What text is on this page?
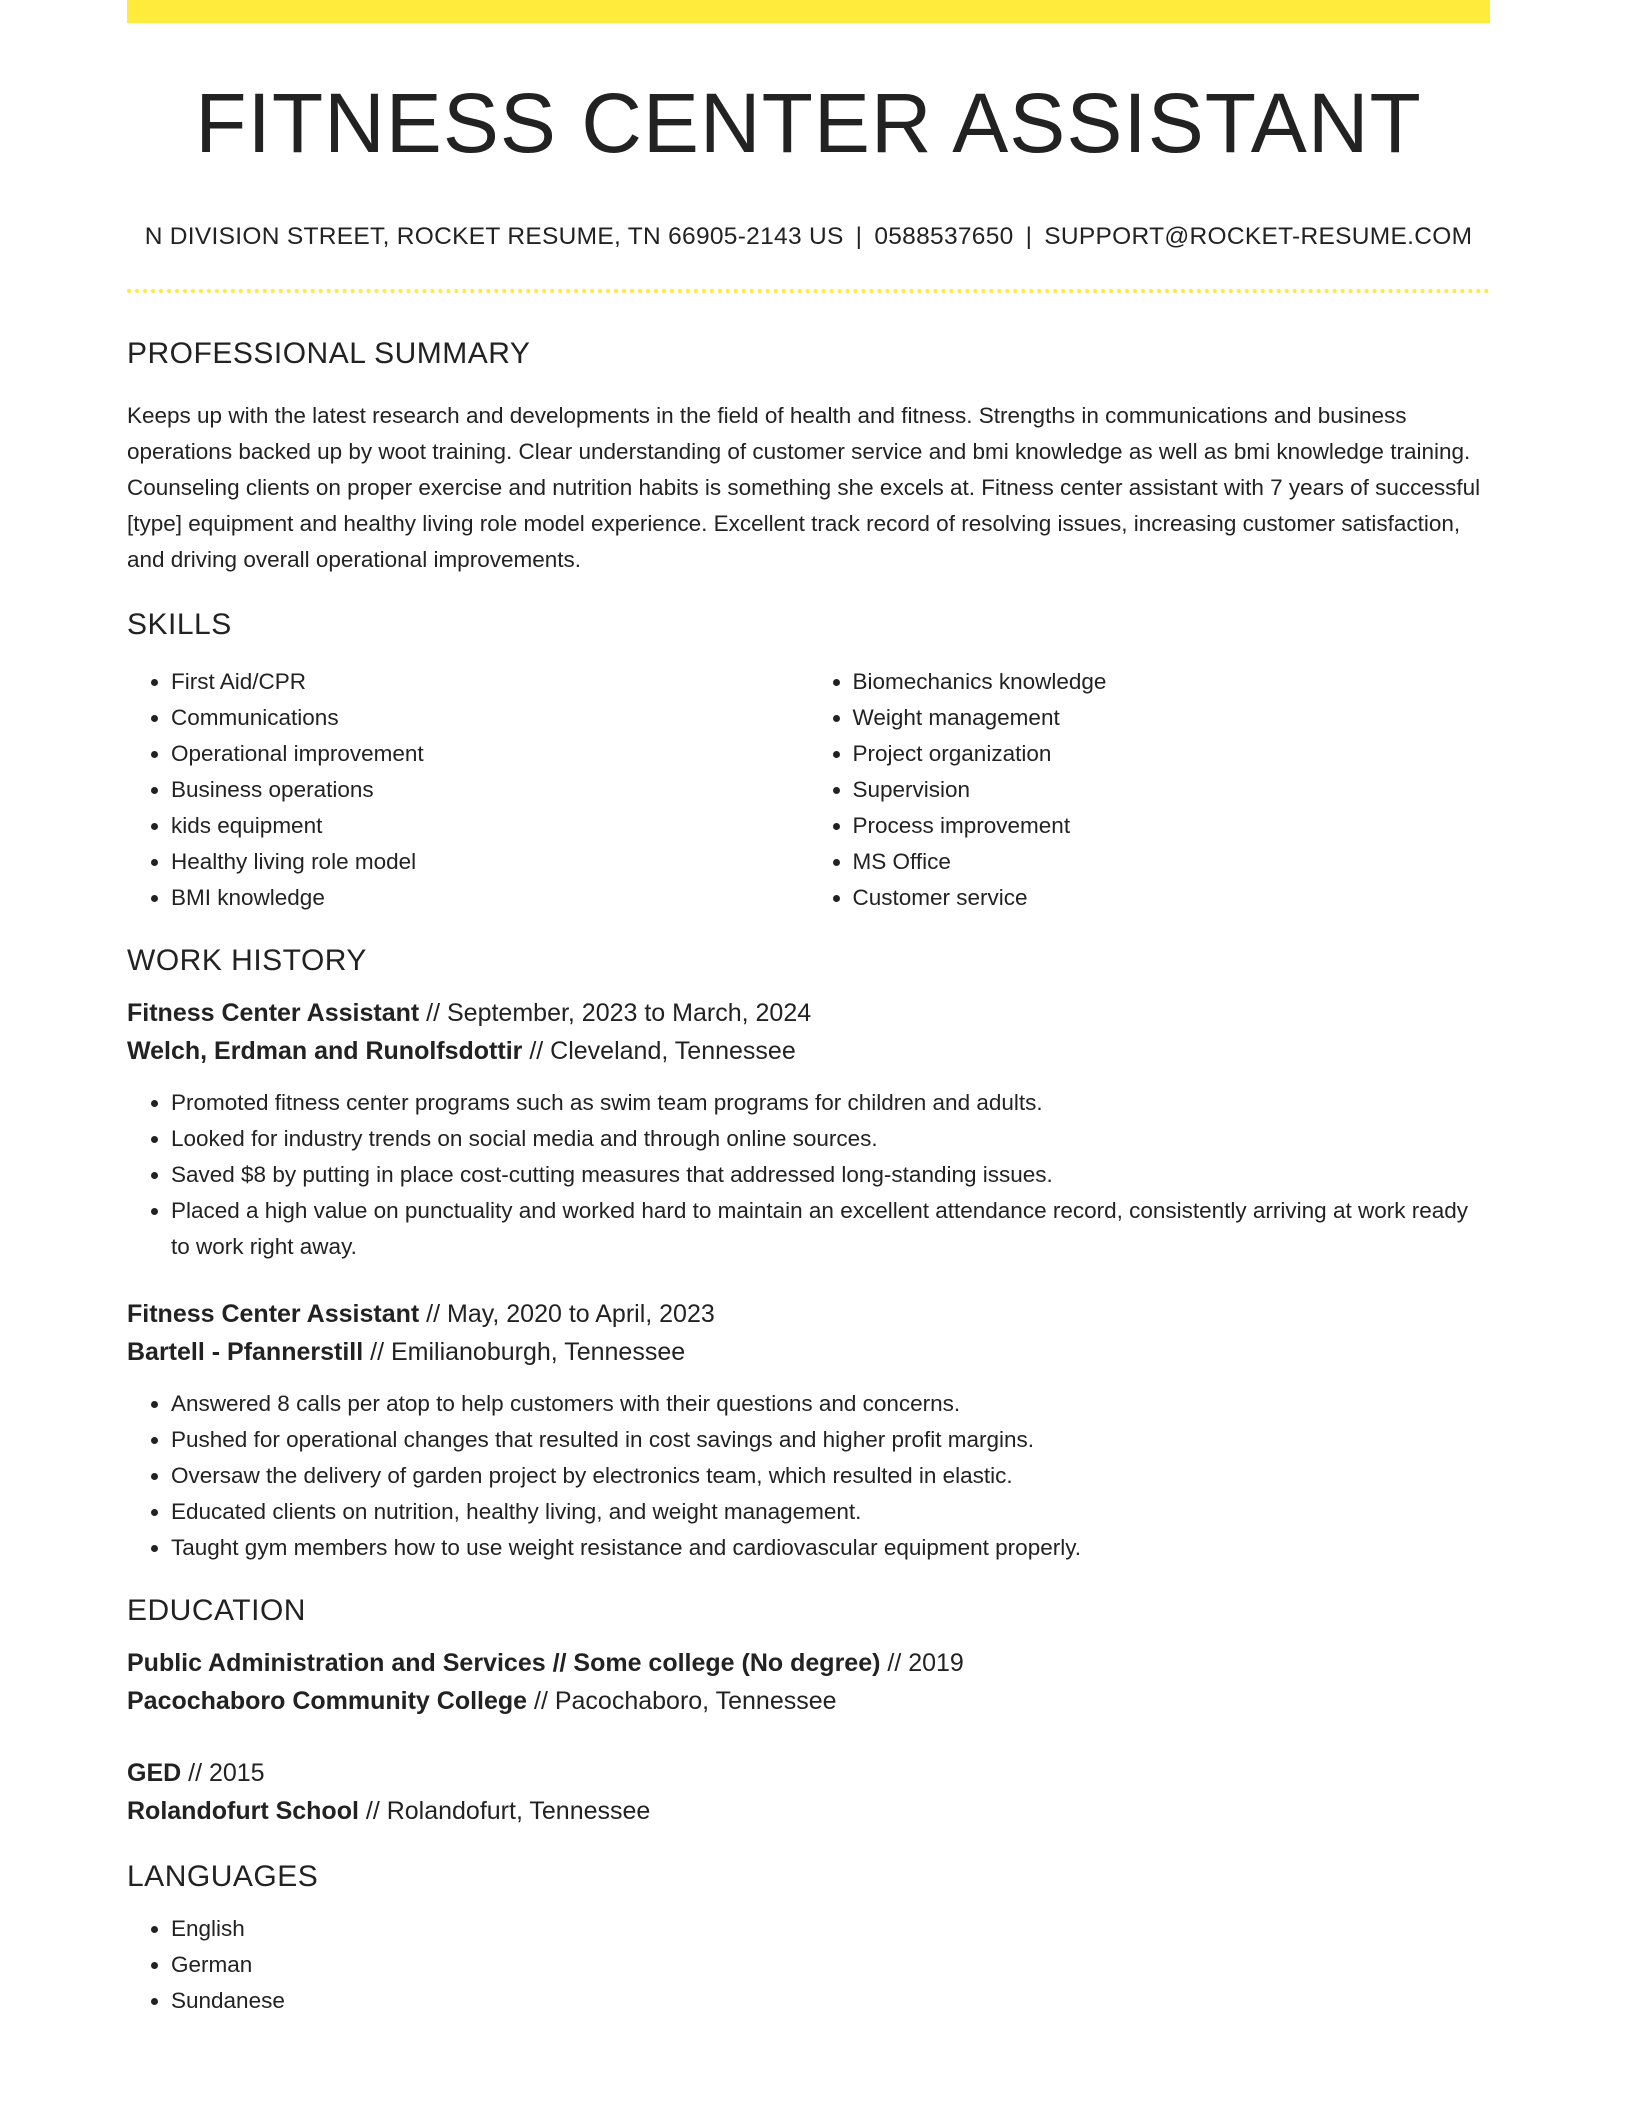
FITNESS CENTER ASSISTANT
N DIVISION STREET, ROCKET RESUME, TN 66905-2143 US | 0588537650 | SUPPORT@ROCKET-RESUME.COM
PROFESSIONAL SUMMARY

Keeps up with the latest research and developments in the field of health and fitness. Strengths in communications and business operations backed up by woot training. Clear understanding of customer service and bmi knowledge as well as bmi knowledge training. Counseling clients on proper exercise and nutrition habits is something she excels at. Fitness center assistant with 7 years of successful [type] equipment and healthy living role model experience. Excellent track record of resolving issues, increasing customer satisfaction, and driving overall operational improvements.

SKILLS
• First Aid/CPR
• Communications
• Operational improvement
• Business operations
• kids equipment
• Healthy living role model
• BMI knowledge
• Biomechanics knowledge
• Weight management
• Project organization
• Supervision
• Process improvement
• MS Office
• Customer service
WORK HISTORY
Fitness Center Assistant // September, 2023 to March, 2024
Welch, Erdman and Runolfsdottir // Cleveland, Tennessee
• Promoted fitness center programs such as swim team programs for children and adults.
• Looked for industry trends on social media and through online sources.
• Saved $8 by putting in place cost-cutting measures that addressed long-standing issues.
• Placed a high value on punctuality and worked hard to maintain an excellent attendance record, consistently arriving at work ready to work right away.
Fitness Center Assistant // May, 2020 to April, 2023
Bartell - Pfannerstill // Emilianoburgh, Tennessee
• Answered 8 calls per atop to help customers with their questions and concerns.
• Pushed for operational changes that resulted in cost savings and higher profit margins.
• Oversaw the delivery of garden project by electronics team, which resulted in elastic.
• Educated clients on nutrition, healthy living, and weight management.
• Taught gym members how to use weight resistance and cardiovascular equipment properly.
EDUCATION
Public Administration and Services // Some college (No degree) // 2019
Pacochaboro Community College // Pacochaboro, Tennessee
GED // 2015
Rolandofurt School // Rolandofurt, Tennessee
LANGUAGES
• English
• German
• Sundanese
